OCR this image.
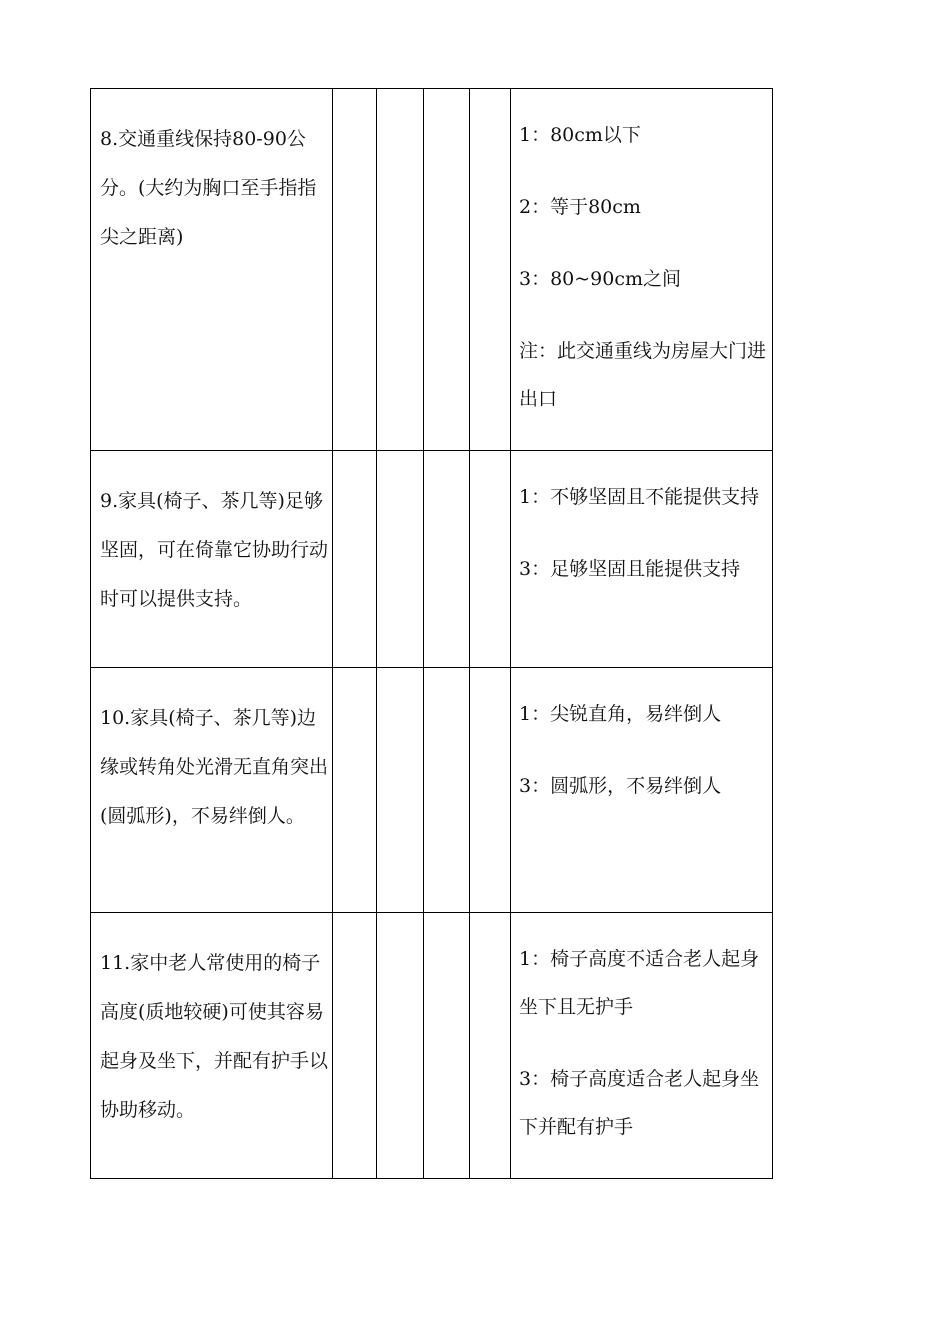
8.交通重线保持80-90公分。(大约为胸口至手指指尖之距离)					1：80cm以下

2：等于80cm

3：80~90cm之间

注：此交通重线为房屋大门进出口

9.家具(椅子、茶几等)足够坚固，可在倚靠它协助行动时可以提供支持。					1：不够坚固且不能提供支持

3：足够坚固且能提供支持

10.家具(椅子、茶几等)边缘或转角处光滑无直角突出(圆弧形)，不易绊倒人。					1：尖锐直角，易绊倒人

3：圆弧形，不易绊倒人

11.家中老人常使用的椅子高度(质地较硬)可使其容易起身及坐下，并配有护手以协助移动。					1：椅子高度不适合老人起身坐下且无护手

3：椅子高度适合老人起身坐下并配有护手
